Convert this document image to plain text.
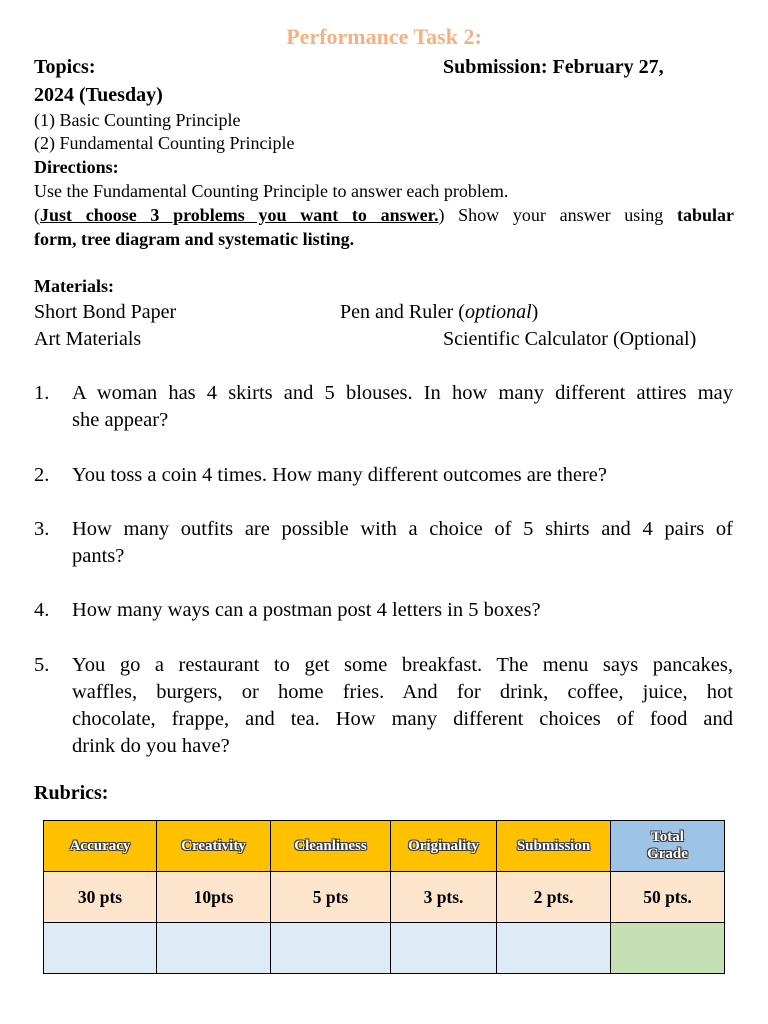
Performance Task 2:
Topics:	Submission: February 27,
2024 (Tuesday)
(1) Basic Counting Principle
(2) Fundamental Counting Principle
Directions:
Use the Fundamental Counting Principle to answer each problem.
(Just choose 3 problems you want to answer.) Show your answer using tabular
form, tree diagram and systematic listing.
Materials:
Short Bond Paper	Pen and Ruler (optional)
Art Materials	Scientific Calculator (Optional)
1. A woman has 4 skirts and 5 blouses. In how many different attires may
she appear?
2. You toss a coin 4 times. How many different outcomes are there?
3. How many outfits are possible with a choice of 5 shirts and 4 pairs of
pants?
4. How many ways can a postman post 4 letters in 5 boxes?
5. You go a restaurant to get some breakfast. The menu says pancakes,
waffles, burgers, or home fries. And for drink, coffee, juice, hot
chocolate, frappe, and tea. How many different choices of food and
drink do you have?
Rubrics:
Accuracy	Creativity	Cleanliness	Originality	Submission	Total
Grade

30 pts	10pts	5 pts	3 pts.	2 pts.	50 pts.
